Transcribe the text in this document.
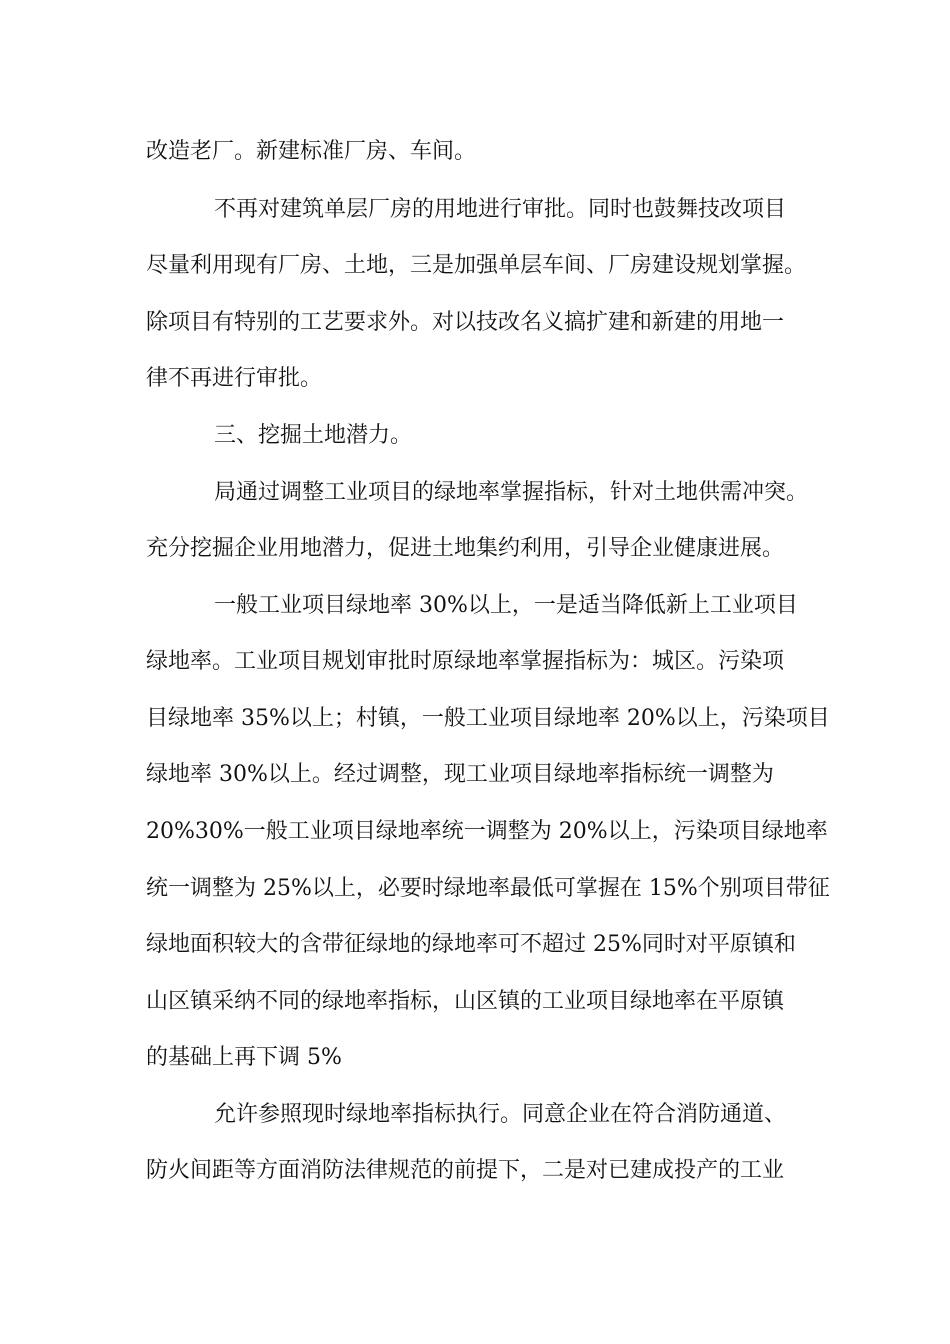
改造老厂。新建标准厂房、车间。
不再对建筑单层厂房的用地进行审批。同时也鼓舞技改项目
尽量利用现有厂房、土地，三是加强单层车间、厂房建设规划掌握。
除项目有特别的工艺要求外。对以技改名义搞扩建和新建的用地一
律不再进行审批。
三、挖掘土地潜力。
局通过调整工业项目的绿地率掌握指标，针对土地供需冲突。
充分挖掘企业用地潜力，促进土地集约利用，引导企业健康进展。
一般工业项目绿地率 30%以上，一是适当降低新上工业项目
绿地率。工业项目规划审批时原绿地率掌握指标为：城区。污染项
目绿地率 35%以上；村镇，一般工业项目绿地率 20%以上，污染项目
绿地率 30%以上。经过调整，现工业项目绿地率指标统一调整为
20%30%一般工业项目绿地率统一调整为 20%以上，污染项目绿地率
统一调整为 25%以上，必要时绿地率最低可掌握在 15%个别项目带征
绿地面积较大的含带征绿地的绿地率可不超过 25%同时对平原镇和
山区镇采纳不同的绿地率指标，山区镇的工业项目绿地率在平原镇
的基础上再下调 5%
允许参照现时绿地率指标执行。同意企业在符合消防通道、
防火间距等方面消防法律规范的前提下，二是对已建成投产的工业
